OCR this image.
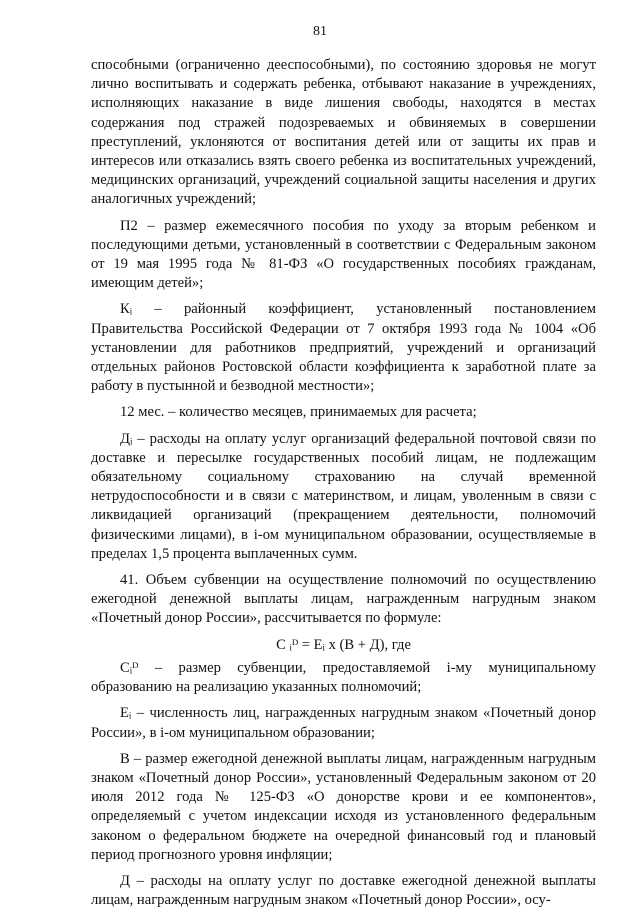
81

способными (ограниченно дееспособными), по состоянию здоровья не могут лично воспитывать и содержать ребенка, отбывают наказание в учреждениях, исполняющих наказание в виде лишения свободы, находятся в местах содержания под стражей подозреваемых и обвиняемых в совершении преступлений, уклоняются от воспитания детей или от защиты их прав и интересов или отказались взять своего ребенка из воспитательных учреждений, медицинских организаций, учреждений социальной защиты населения и других аналогичных учреждений;

П2 – размер ежемесячного пособия по уходу за вторым ребенком и последующими детьми, установленный в соответствии с Федеральным законом от 19 мая 1995 года № 81-ФЗ «О государственных пособиях гражданам, имеющим детей»;

Кᵢ – районный коэффициент, установленный постановлением Правительства Российской Федерации от 7 октября 1993 года № 1004 «Об установлении для работников предприятий, учреждений и организаций отдельных районов Ростовской области коэффициента к заработной плате за работу в пустынной и безводной местности»;

12 мес. – количество месяцев, принимаемых для расчета;

Дᵢ – расходы на оплату услуг организаций федеральной почтовой связи по доставке и пересылке государственных пособий лицам, не подлежащим обязательному социальному страхованию на случай временной нетрудоспособности и в связи с материнством, и лицам, уволенным в связи с ликвидацией организаций (прекращением деятельности, полномочий физическими лицами), в i-ом муниципальном образовании, осуществляемые в пределах 1,5 процента выплаченных сумм.

41. Объем субвенции на осуществление полномочий по осуществлению ежегодной денежной выплаты лицам, награжденным нагрудным знаком «Почетный донор России», рассчитывается по формуле:

С ᵢᴰ = Еᵢ х (В + Д), где

Сᵢᴰ – размер субвенции, предоставляемой i-му муниципальному образованию на реализацию указанных полномочий;

Еᵢ – численность лиц, награжденных нагрудным знаком «Почетный донор России», в i-ом муниципальном образовании;

В – размер ежегодной денежной выплаты лицам, награжденным нагрудным знаком «Почетный донор России», установленный Федеральным законом от 20 июля 2012 года № 125-ФЗ «О донорстве крови и ее компонентов», определяемый с учетом индексации исходя из установленного федеральным законом о федеральном бюджете на очередной финансовый год и плановый период прогнозного уровня инфляции;

Д – расходы на оплату услуг по доставке ежегодной денежной выплаты лицам, награжденным нагрудным знаком «Почетный донор России», осу-
